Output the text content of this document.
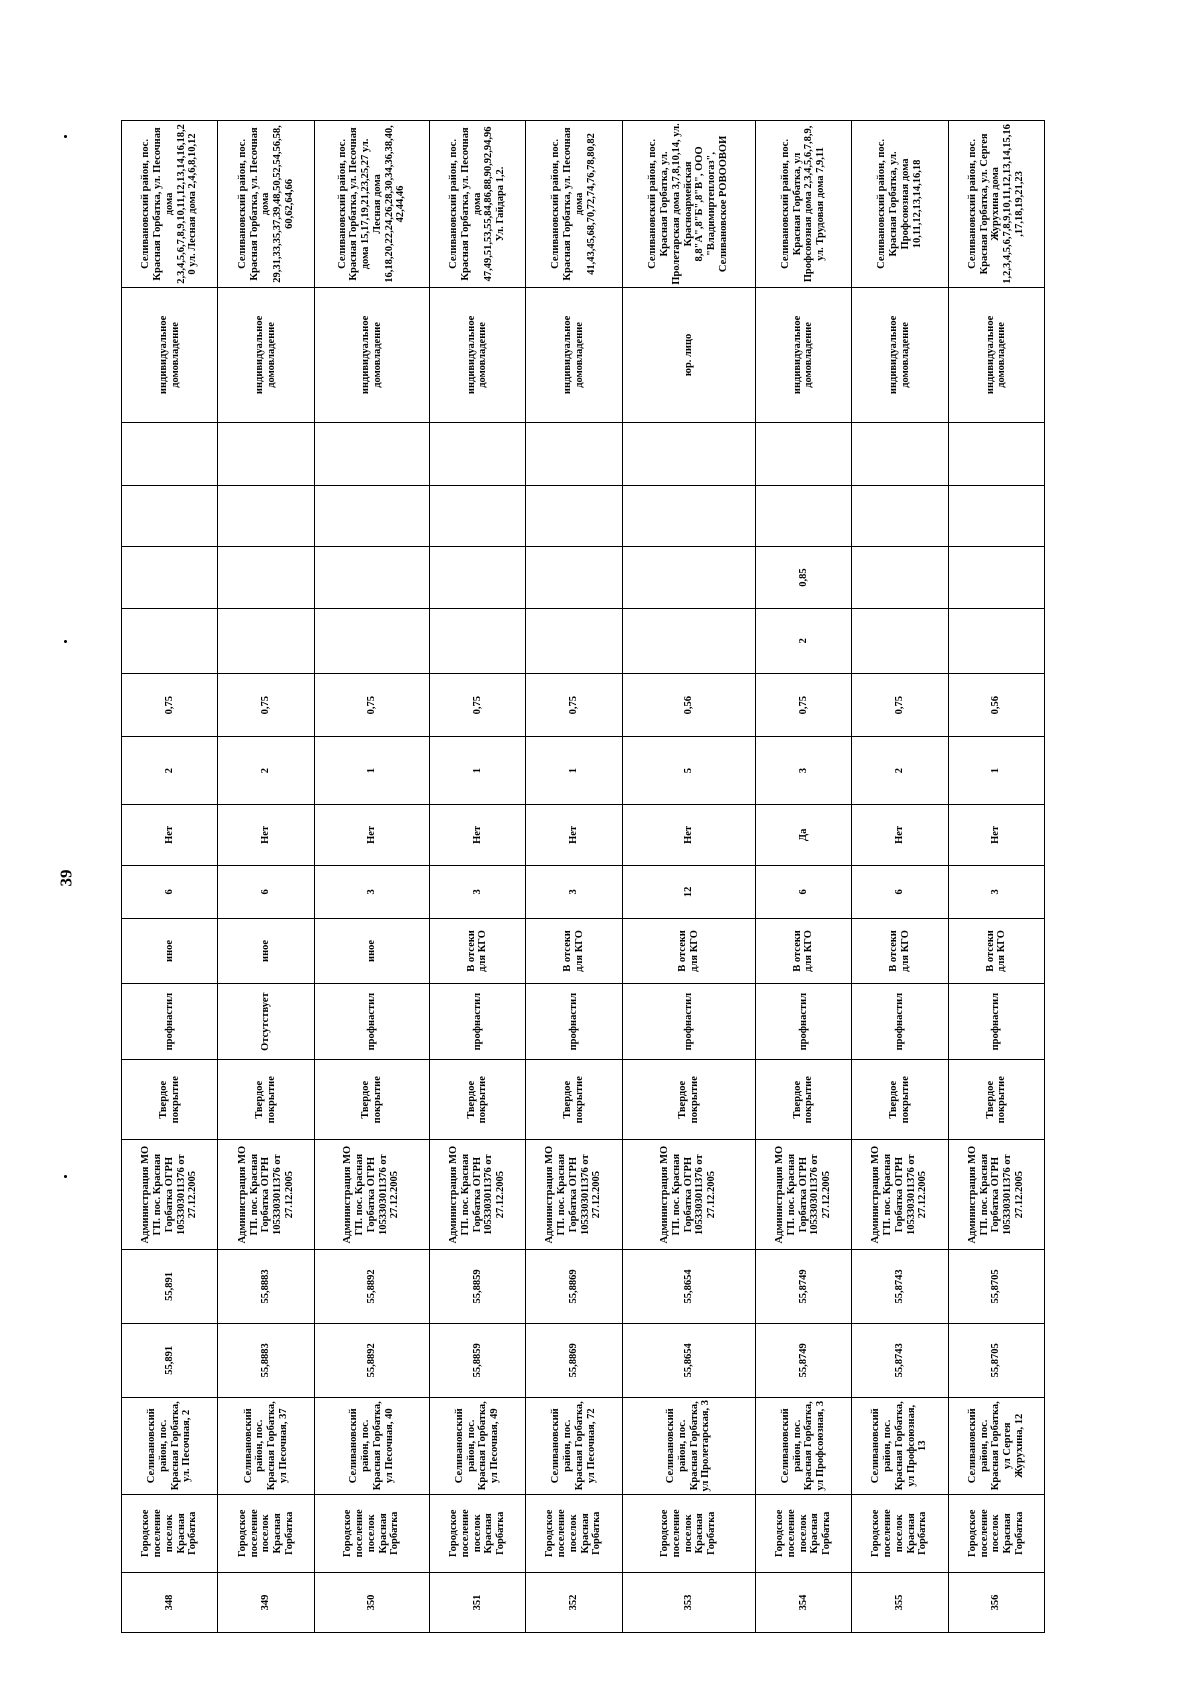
39
348	Городское поселение поселок Красная Горбатка	Селивановский район, пос. Красная Горбатка, ул. Песочная, 2	55,891	55,891	Администрация МО ГП. пос. Красная Горбатка ОГРН 1053303011376 от 27.12.2005	Твердое покрытие	профнастил	иное	6	Нет	2	0,75					индивидуальное домовладение	Селивановский район, пос. Красная Горбатка, ул. Песочная дома 2,3,4,5,6,7,8,9,10,11,12,13,14,16,18,20 ул. Лесная дома 2,4,6,8,10,12
349	Городское поселение поселок Красная Горбатка	Селивановский район, пос. Красная Горбатка, ул Песочная, 37	55,8883	55,8883	Администрация МО ГП. пос. Красная Горбатка ОГРН 1053303011376 от 27.12.2005	Твердое покрытие	Отсутствует	иное	6	Нет	2	0,75					индивидуальное домовладение	Селивановский район, пос. Красная Горбатка, ул. Песочная дома 29,31,33,35,37,39,48,50,52,54,56,58,60,62,64,66
350	Городское поселение поселок Красная Горбатка	Селивановский район, пос. Красная Горбатка, ул Песочная, 40	55,8892	55,8892	Администрация МО ГП. пос. Красная Горбатка ОГРН 1053303011376 от 27.12.2005	Твердое покрытие	профнастил	иное	3	Нет	1	0,75					индивидуальное домовладение	Селивановский район, пос. Красная Горбатка, ул. Песочная дома 15,17,19,21,23,25,27 ул. Лесная дома 16,18,20,22,24,26,28,30,34,36,38,40,42,44,46
351	Городское поселение поселок Красная Горбатка	Селивановский район, пос. Красная Горбатка, ул Песочная, 49	55,8859	55,8859	Администрация МО ГП. пос. Красная Горбатка ОГРН 1053303011376 от 27.12.2005	Твердое покрытие	профнастил	В отсеки для КГО	3	Нет	1	0,75					индивидуальное домовладение	Селивановский район, пос. Красная Горбатка, ул. Песочная дома 47,49,51,53,55,84,86,88,90,92,94,96 Ул. Гайдара 1,2.
352	Городское поселение поселок Красная Горбатка	Селивановский район, пос. Красная Горбатка, ул Песочная, 72	55,8869	55,8869	Администрация МО ГП. пос. Красная Горбатка ОГРН 1053303011376 от 27.12.2005	Твердое покрытие	профнастил	В отсеки для КГО	3	Нет	1	0,75					индивидуальное домовладение	Селивановский район, пос. Красная Горбатка, ул. Песочная дома 41,43,45,68,70,72,74,76,78,80,82
353	Городское поселение поселок Красная Горбатка	Селивановский район, пос. Красная Горбатка, ул Пролетарская, 3	55,8654	55,8654	Администрация МО ГП. пос. Красная Горбатка ОГРН 1053303011376 от 27.12.2005	Твердое покрытие	профнастил	В отсеки для КГО	12	Нет	5	0,56					юр. лицо	Селивановский район, пос. Красная Горбатка, ул. Пролетарская дома 3,7,8,10,14, ул. Красноармейская 8,8"А",8"Б",8"В", ООО "Владимиртеплогаз", Селивановское РОВООВОИ
354	Городское поселение поселок Красная Горбатка	Селивановский район, пос. Красная Горбатка, ул Профсоюзная, 3	55,8749	55,8749	Администрация МО ГП. пос. Красная Горбатка ОГРН 1053303011376 от 27.12.2005	Твердое покрытие	профнастил	В отсеки для КГО	6	Да	3	0,75	2	0,85			индивидуальное домовладение	Селивановский район, пос. Красная Горбатка, ул Профсоюзная дома 2,3,4,5,6,7,8,9, ул. Трудовая дома 7,9,11
355	Городское поселение поселок Красная Горбатка	Селивановский район, пос. Красная Горбатка, ул Профсоюзная, 13	55,8743	55,8743	Администрация МО ГП. пос. Красная Горбатка ОГРН 1053303011376 от 27.12.2005	Твердое покрытие	профнастил	В отсеки для КГО	6	Нет	2	0,75					индивидуальное домовладение	Селивановский район, пос. Красная Горбатка, ул. Профсоюзная дома 10,11,12,13,14,16,18
356	Городское поселение поселок Красная Горбатка	Селивановский район, пос. Красная Горбатка, ул Сергея Журухина, 12	55,8705	55,8705	Администрация МО ГП. пос. Красная Горбатка ОГРН 1053303011376 от 27.12.2005	Твердое покрытие	профнастил	В отсеки для КГО	3	Нет	1	0,56					индивидуальное домовладение	Селивановский район, пос. Красная Горбатка, ул. Сергея Журухина дома 1,2,3,4,5,6,7,8,9,10,11,12,13,14,15,16,17,18,19,21,23
